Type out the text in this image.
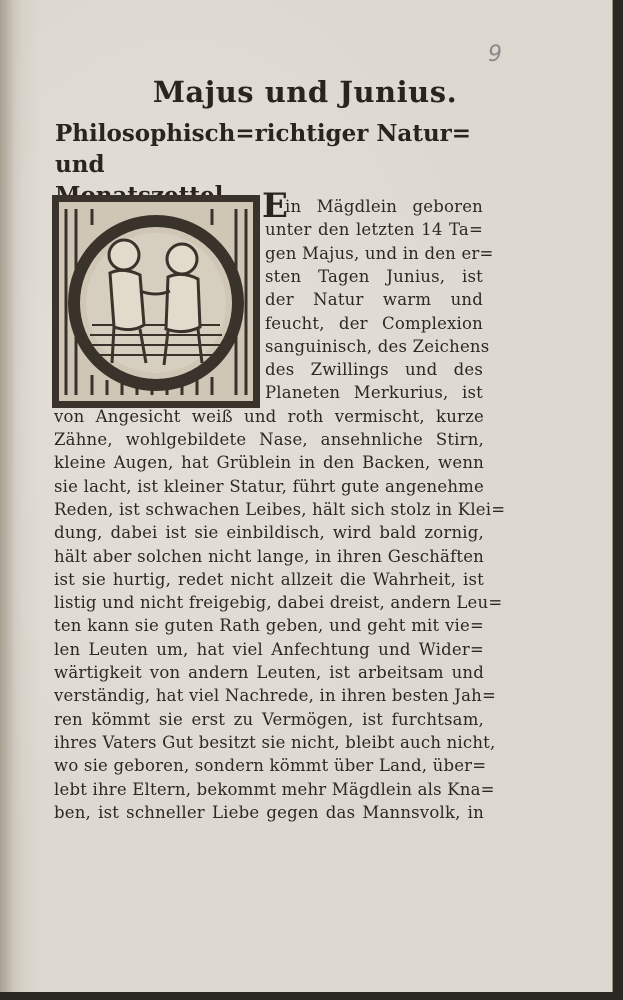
9
Majus und Junius.
Philosophisch=richtiger Natur= und
E
in Mägdlein geboren
unter den letzten 14 Ta=
gen Majus, und in den er=
sten Tagen Junius, ist
der Natur warm und
feucht, der Complexion
sanguinisch, des Zeichens
des Zwillings und des
Planeten Merkurius, ist
von Angesicht weiß und roth vermischt, kurze
Zähne, wohlgebildete Nase, ansehnliche Stirn,
kleine Augen, hat Grüblein in den Backen, wenn
sie lacht, ist kleiner Statur, führt gute angenehme
Reden, ist schwachen Leibes, hält sich stolz in Klei=
dung, dabei ist sie einbildisch, wird bald zornig,
hält aber solchen nicht lange, in ihren Geschäften
ist sie hurtig, redet nicht allzeit die Wahrheit, ist
listig und nicht freigebig, dabei dreist, andern Leu=
ten kann sie guten Rath geben, und geht mit vie=
len Leuten um, hat viel Anfechtung und Wider=
wärtigkeit von andern Leuten, ist arbeitsam und
verständig, hat viel Nachrede, in ihren besten Jah=
ren kömmt sie erst zu Vermögen, ist furchtsam,
ihres Vaters Gut besitzt sie nicht, bleibt auch nicht,
wo sie geboren, sondern kömmt über Land, über=
lebt ihre Eltern, bekommt mehr Mägdlein als Kna=
ben, ist schneller Liebe gegen das Mannsvolk, in
